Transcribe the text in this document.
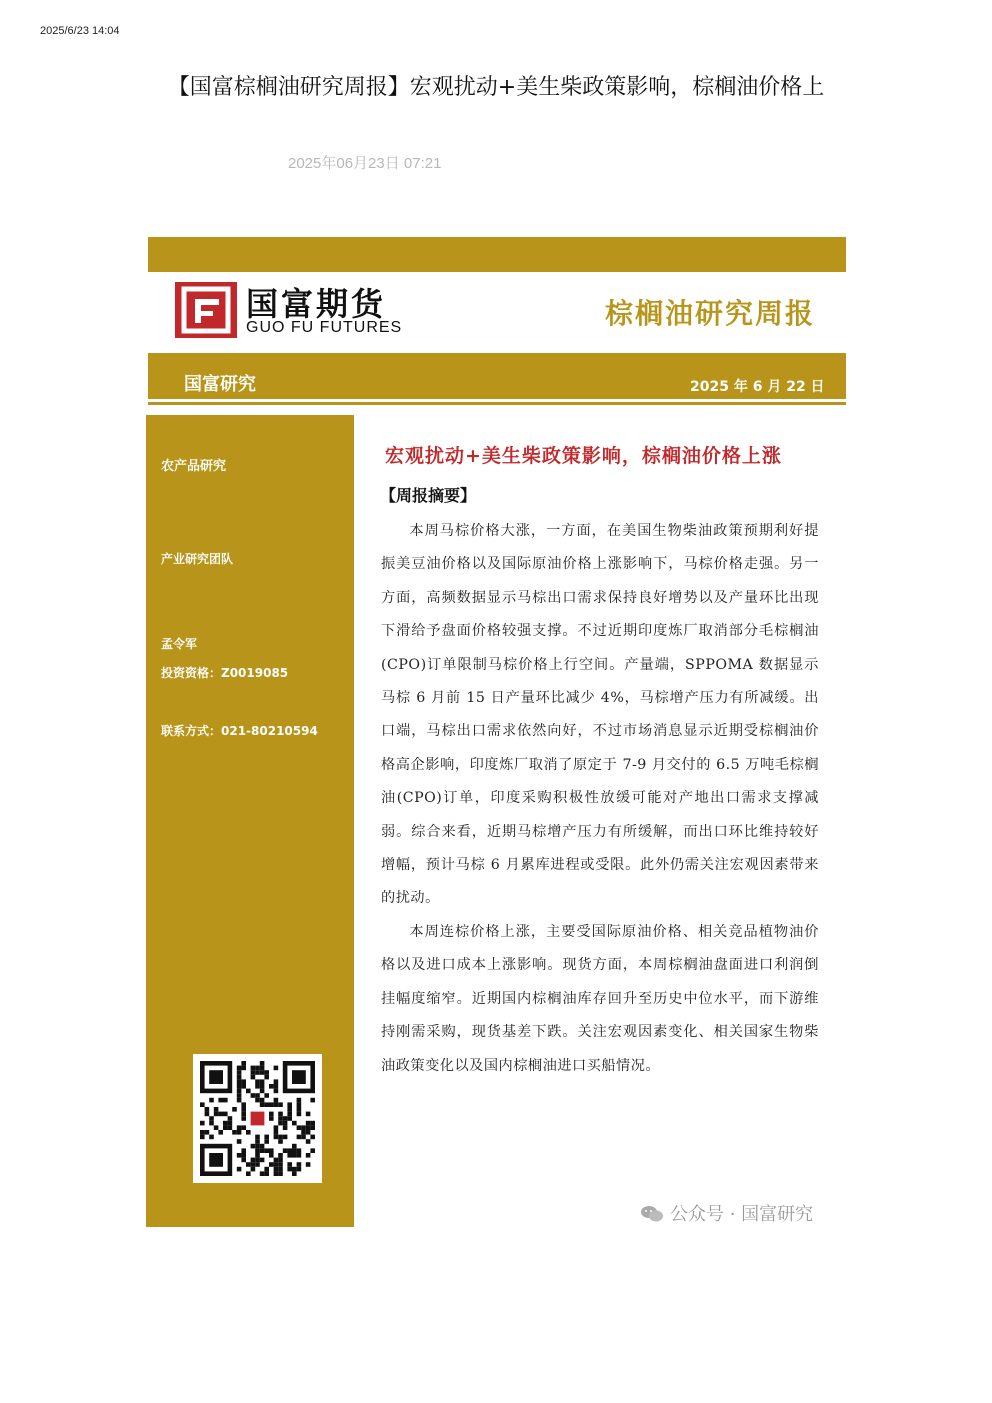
2025/6/23 14:04
【国富棕榈油研究周报】宏观扰动+美生柴政策影响，棕榈油价格上
2025年06月23日 07:21
国富期货
GUO FU FUTURES	棕榈油研究周报
国富研究	2025 年 6 月 22 日
农产品研究
产业研究团队
孟令军
投资资格：Z0019085
联系方式：021-80210594
宏观扰动+美生柴政策影响，棕榈油价格上涨
【周报摘要】

本周马棕价格大涨，一方面，在美国生物柴油政策预期利好提振美豆油价格以及国际原油价格上涨影响下，马棕价格走强。另一方面，高频数据显示马棕出口需求保持良好增势以及产量环比出现下滑给予盘面价格较强支撑。不过近期印度炼厂取消部分毛棕榈油(CPO)订单限制马棕价格上行空间。产量端，SPPOMA 数据显示马棕 6 月前 15 日产量环比减少 4%，马棕增产压力有所减缓。出口端，马棕出口需求依然向好，不过市场消息显示近期受棕榈油价格高企影响，印度炼厂取消了原定于 7-9 月交付的 6.5 万吨毛棕榈油(CPO)订单，印度采购积极性放缓可能对产地出口需求支撑减弱。综合来看，近期马棕增产压力有所缓解，而出口环比维持较好增幅，预计马棕 6 月累库进程或受限。此外仍需关注宏观因素带来的扰动。

本周连棕价格上涨，主要受国际原油价格、相关竞品植物油价格以及进口成本上涨影响。现货方面，本周棕榈油盘面进口利润倒挂幅度缩窄。近期国内棕榈油库存回升至历史中位水平，而下游维持刚需采购，现货基差下跌。关注宏观因素变化、相关国家生物柴油政策变化以及国内棕榈油进口买船情况。

公众号 · 国富研究
